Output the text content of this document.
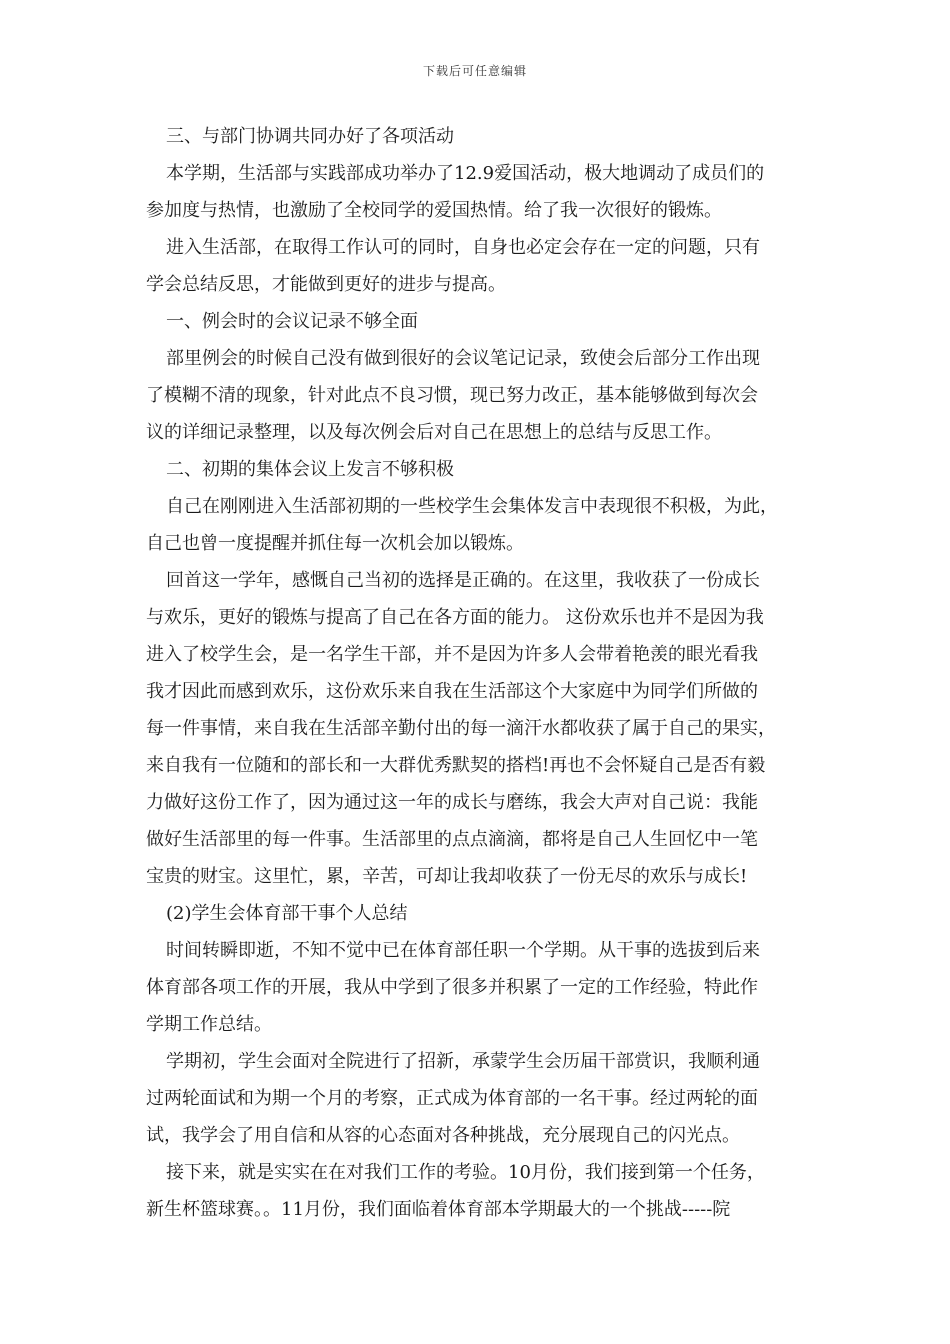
下载后可任意编辑
三、与部门协调共同办好了各项活动
本学期，生活部与实践部成功举办了12.9爱国活动，极大地调动了成员们的
参加度与热情，也激励了全校同学的爱国热情。给了我一次很好的锻炼。
进入生活部，在取得工作认可的同时，自身也必定会存在一定的问题，只有
学会总结反思，才能做到更好的进步与提高。
一、例会时的会议记录不够全面
部里例会的时候自己没有做到很好的会议笔记记录，致使会后部分工作出现
了模糊不清的现象，针对此点不良习惯，现已努力改正，基本能够做到每次会
议的详细记录整理，以及每次例会后对自己在思想上的总结与反思工作。
二、初期的集体会议上发言不够积极
自己在刚刚进入生活部初期的一些校学生会集体发言中表现很不积极，为此，
自己也曾一度提醒并抓住每一次机会加以锻炼。
回首这一学年，感慨自己当初的选择是正确的。在这里，我收获了一份成长
与欢乐，更好的锻炼与提高了自己在各方面的能力。 这份欢乐也并不是因为我
进入了校学生会，是一名学生干部，并不是因为许多人会带着艳羡的眼光看我
我才因此而感到欢乐，这份欢乐来自我在生活部这个大家庭中为同学们所做的
每一件事情，来自我在生活部辛勤付出的每一滴汗水都收获了属于自己的果实，
来自我有一位随和的部长和一大群优秀默契的搭档!再也不会怀疑自己是否有毅
力做好这份工作了，因为通过这一年的成长与磨练，我会大声对自己说：我能
做好生活部里的每一件事。生活部里的点点滴滴，都将是自己人生回忆中一笔
宝贵的财宝。这里忙，累，辛苦，可却让我却收获了一份无尽的欢乐与成长!
(2)学生会体育部干事个人总结
时间转瞬即逝，不知不觉中已在体育部任职一个学期。从干事的选拔到后来
体育部各项工作的开展，我从中学到了很多并积累了一定的工作经验，特此作
学期工作总结。
学期初，学生会面对全院进行了招新，承蒙学生会历届干部赏识，我顺利通
过两轮面试和为期一个月的考察，正式成为体育部的一名干事。经过两轮的面
试，我学会了用自信和从容的心态面对各种挑战，充分展现自己的闪光点。
接下来，就是实实在在对我们工作的考验。10月份，我们接到第一个任务，
新生杯篮球赛。。11月份，我们面临着体育部本学期最大的一个挑战-----院
